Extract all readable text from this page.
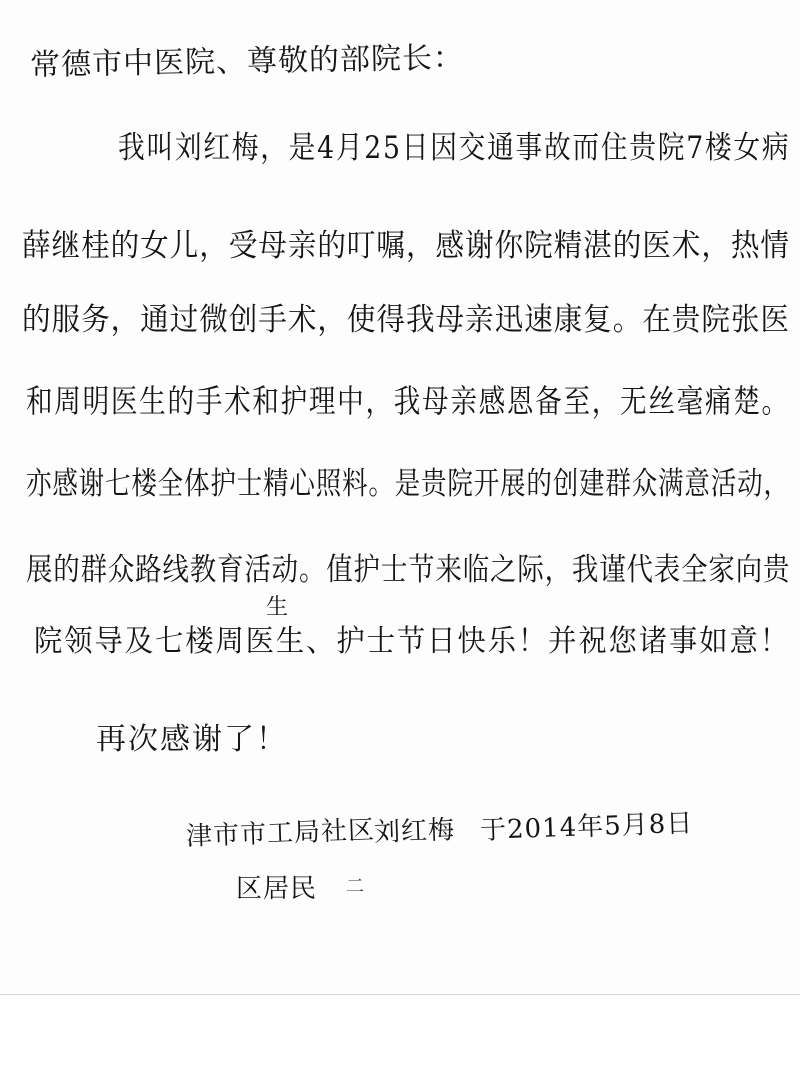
常德市中医院、尊敬的部院长：
我叫刘红梅，是4月25日因交通事故而住贵院7楼女病
薛继桂的女儿，受母亲的叮嘱，感谢你院精湛的医术，热情
的服务，通过微创手术，使得我母亲迅速康复。在贵院张医
和周明医生的手术和护理中，我母亲感恩备至，无丝毫痛楚。
亦感谢七楼全体护士精心照料。是贵院开展的创建群众满意活动，
展的群众路线教育活动。值护士节来临之际，我谨代表全家向贵
生
院领导及七楼周医生、护士节日快乐！并祝您诸事如意！
再次感谢了！
津市市工局社区
刘红梅 于2014年5月8日
区居民 二
